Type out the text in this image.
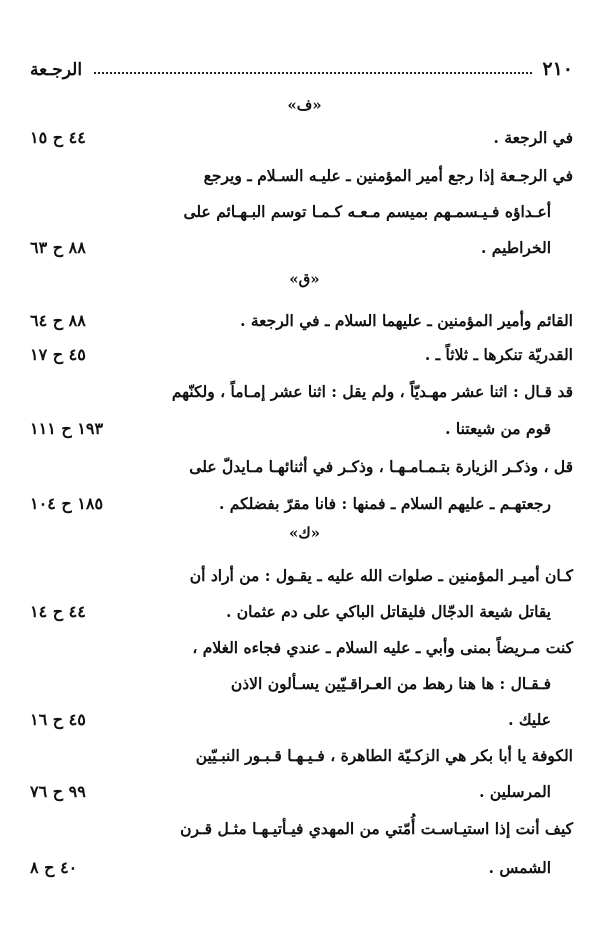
٢١٠
الرجـعة
«ف»
في الرجعة .
٤٤ ح ١٥
في الرجـعة إذا رجع أمير المؤمنين ـ عليـه السـلام ـ ويرجع
أعـداؤه فـيـسمـهم بميسم مـعـه كـمـا توسم البـهـائم على
الخراطيم .
٨٨ ح ٦٣
«ق»
القائم وأمير المؤمنين ـ عليهما السلام ـ في الرجعة .
٨٨ ح ٦٤
القدريّة تنكرها ـ ثلاثاً ـ .
٤٥ ح ١٧
قد قـال : اثنا عشر مهـديّاً ، ولم يقل : اثنا عشر إمـاماً ، ولكنّهم
قوم من شيعتنا .
١٩٣ ح ١١١
قل ، وذكـر الزيارة بتـمـامـهـا ، وذكـر في أثنائهـا مـايدلّ على
رجعتهـم ـ عليهم السلام ـ فمنها : فانا مقرّ بفضلكم .
١٨٥ ح ١٠٤
«ك»
كـان أميـر المؤمنين ـ صلوات الله عليه ـ يقـول : من أراد أن
يقاتل شيعة الدجّال فليقاتل الباكي على دم عثمان .
٤٤ ح ١٤
كنت مـريضاً بمنى وأبي ـ عليه السلام ـ عندي فجاءه الغلام ،
فـقـال : ها هنا رهط من العـراقـيّين يسـألون الاذن
عليك .
٤٥ ح ١٦
الكوفة يا أبا بكر هي الزكـيّة الطاهرة ، فـيـهـا قـبـور النبـيّين
المرسلين .
٩٩ ح ٧٦
كيف أنت إذا استيـاسـت أُمّتي من المهدي فيـأتيـهـا مثـل قـرن
الشمس .
٤٠ ح ٨
